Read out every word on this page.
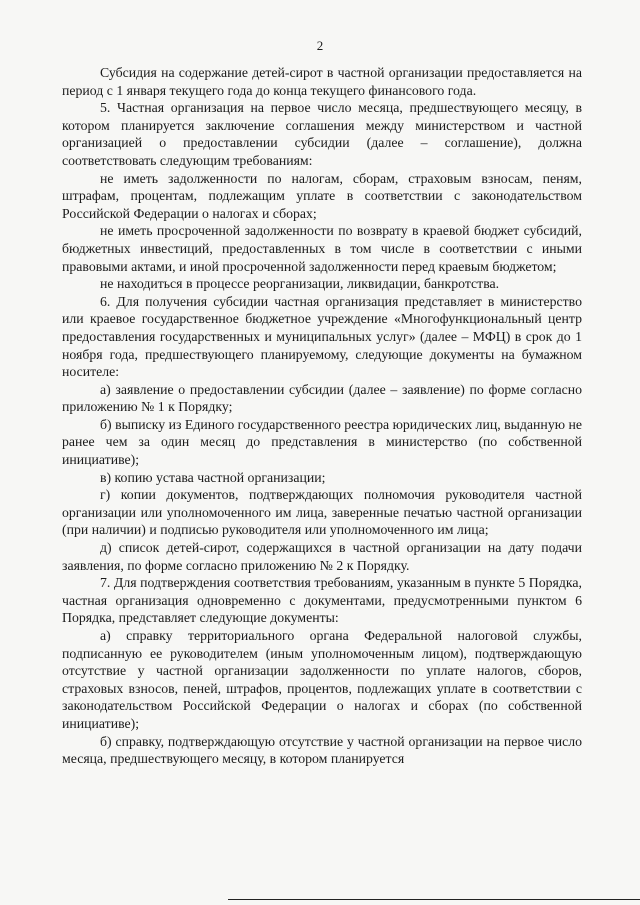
2

Субсидия на содержание детей-сирот в частной организации предоставляется на период с 1 января текущего года до конца текущего финансового года.

5. Частная организация на первое число месяца, предшествующего месяцу, в котором планируется заключение соглашения между министерством и частной организацией о предоставлении субсидии (далее – соглашение), должна соответствовать следующим требованиям:

не иметь задолженности по налогам, сборам, страховым взносам, пеням, штрафам, процентам, подлежащим уплате в соответствии с законодательством Российской Федерации о налогах и сборах;

не иметь просроченной задолженности по возврату в краевой бюджет субсидий, бюджетных инвестиций, предоставленных в том числе в соответствии с иными правовыми актами, и иной просроченной задолженности перед краевым бюджетом;

не находиться в процессе реорганизации, ликвидации, банкротства.

6. Для получения субсидии частная организация представляет в министерство или краевое государственное бюджетное учреждение «Многофункциональный центр предоставления государственных и муниципальных услуг» (далее – МФЦ) в срок до 1 ноября года, предшествующего планируемому, следующие документы на бумажном носителе:

а) заявление о предоставлении субсидии (далее – заявление) по форме согласно приложению № 1 к Порядку;

б) выписку из Единого государственного реестра юридических лиц, выданную не ранее чем за один месяц до представления в министерство (по собственной инициативе);

в) копию устава частной организации;

г) копии документов, подтверждающих полномочия руководителя частной организации или уполномоченного им лица, заверенные печатью частной организации (при наличии) и подписью руководителя или уполномоченного им лица;

д) список детей-сирот, содержащихся в частной организации на дату подачи заявления, по форме согласно приложению № 2 к Порядку.

7. Для подтверждения соответствия требованиям, указанным в пункте 5 Порядка, частная организация одновременно с документами, предусмотренными пунктом 6 Порядка, представляет следующие документы:

а) справку территориального органа Федеральной налоговой службы, подписанную ее руководителем (иным уполномоченным лицом), подтверждающую отсутствие у частной организации задолженности по уплате налогов, сборов, страховых взносов, пеней, штрафов, процентов, подлежащих уплате в соответствии с законодательством Российской Федерации о налогах и сборах (по собственной инициативе);

б) справку, подтверждающую отсутствие у частной организации на первое число месяца, предшествующего месяцу, в котором планируется
